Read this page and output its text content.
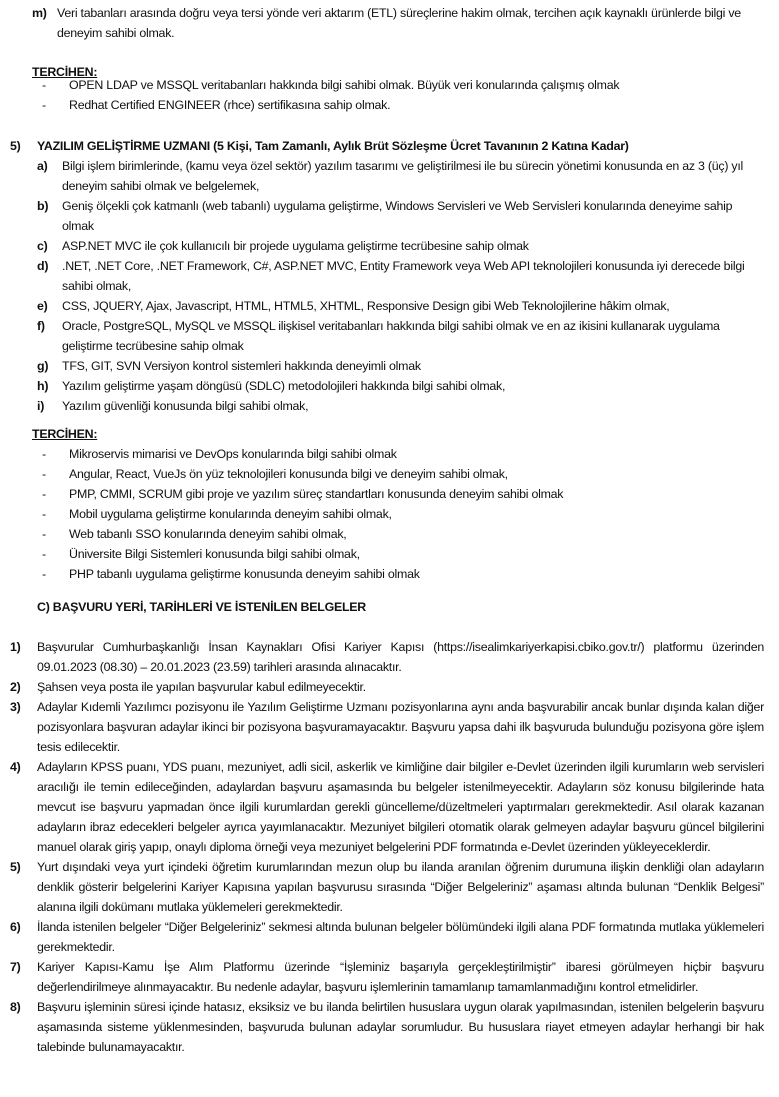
m) Veri tabanları arasında doğru veya tersi yönde veri aktarım (ETL) süreçlerine hakim olmak, tercihen açık kaynaklı ürünlerde bilgi ve deneyim sahibi olmak.
TERCİHEN:
-	OPEN LDAP ve MSSQL veritabanları hakkında bilgi sahibi olmak. Büyük veri konularında çalışmış olmak
-	Redhat Certified ENGINEER (rhce) sertifikasına sahip olmak.
5) YAZILIM GELİŞTİRME UZMANI (5 Kişi, Tam Zamanlı, Aylık Brüt Sözleşme Ücret Tavanının 2 Katına Kadar)
a)	Bilgi işlem birimlerinde, (kamu veya özel sektör) yazılım tasarımı ve geliştirilmesi ile bu sürecin yönetimi konusunda en az 3 (üç) yıl deneyim sahibi olmak ve belgelemek,
b)	Geniş ölçekli çok katmanlı (web tabanlı) uygulama geliştirme, Windows Servisleri ve Web Servisleri konularında deneyime sahip olmak
c)	ASP.NET MVC ile çok kullanıcılı bir projede uygulama geliştirme tecrübesine sahip olmak
d)	.NET, .NET Core, .NET Framework, C#, ASP.NET MVC, Entity Framework veya Web API teknolojileri konusunda iyi derecede bilgi sahibi olmak,
e)	CSS, JQUERY, Ajax, Javascript, HTML, HTML5, XHTML, Responsive Design gibi Web Teknolojilerine hâkim olmak,
f)	Oracle, PostgreSQL, MySQL ve MSSQL ilişkisel veritabanları hakkında bilgi sahibi olmak ve en az ikisini kullanarak uygulama geliştirme tecrübesine sahip olmak
g)	TFS, GIT, SVN Versiyon kontrol sistemleri hakkında deneyimli olmak
h)	Yazılım geliştirme yaşam döngüsü (SDLC) metodolojileri hakkında bilgi sahibi olmak,
i)	Yazılım güvenliği konusunda bilgi sahibi olmak,
TERCİHEN:
-	Mikroservis mimarisi ve DevOps konularında bilgi sahibi olmak
-	Angular, React, VueJs ön yüz teknolojileri konusunda bilgi ve deneyim sahibi olmak,
-	PMP, CMMI, SCRUM gibi proje ve yazılım süreç standartları konusunda deneyim sahibi olmak
-	Mobil uygulama geliştirme konularında deneyim sahibi olmak,
-	Web tabanlı SSO konularında deneyim sahibi olmak,
-	Üniversite Bilgi Sistemleri konusunda bilgi sahibi olmak,
-	PHP tabanlı uygulama geliştirme konusunda deneyim sahibi olmak
C) BAŞVURU YERİ, TARİHLERİ VE İSTENİLEN BELGELER
1)	Başvurular Cumhurbaşkanlığı İnsan Kaynakları Ofisi Kariyer Kapısı (https://isealimkariyerkapisi.cbiko.gov.tr/) platformu üzerinden 09.01.2023 (08.30) – 20.01.2023 (23.59) tarihleri arasında alınacaktır.
2)	Şahsen veya posta ile yapılan başvurular kabul edilmeyecektir.
3)	Adaylar Kıdemli Yazılımcı pozisyonu ile Yazılım Geliştirme Uzmanı pozisyonlarına aynı anda başvurabilir ancak bunlar dışında kalan diğer pozisyonlara başvuran adaylar ikinci bir pozisyona başvuramayacaktır. Başvuru yapsa dahi ilk başvuruda bulunduğu pozisyona göre işlem tesis edilecektir.
4)	Adayların KPSS puanı, YDS puanı, mezuniyet, adli sicil, askerlik ve kimliğine dair bilgiler e-Devlet üzerinden ilgili kurumların web servisleri aracılığı ile temin edileceğinden, adaylardan başvuru aşamasında bu belgeler istenilmeyecektir. Adayların söz konusu bilgilerinde hata mevcut ise başvuru yapmadan önce ilgili kurumlardan gerekli güncelleme/düzeltmeleri yaptırmaları gerekmektedir. Asıl olarak kazanan adayların ibraz edecekleri belgeler ayrıca yayımlanacaktır. Mezuniyet bilgileri otomatik olarak gelmeyen adaylar başvuru güncel bilgilerini manuel olarak giriş yapıp, onaylı diploma örneği veya mezuniyet belgelerini PDF formatında e-Devlet üzerinden yükleyeceklerdir.
5)	Yurt dışındaki veya yurt içindeki öğretim kurumlarından mezun olup bu ilanda aranılan öğrenim durumuna ilişkin denkliği olan adayların denklik gösterir belgelerini Kariyer Kapısına yapılan başvurusu sırasında “Diğer Belgeleriniz” aşaması altında bulunan “Denklik Belgesi” alanına ilgili dokümanı mutlaka yüklemeleri gerekmektedir.
6)	İlanda istenilen belgeler “Diğer Belgeleriniz” sekmesi altında bulunan belgeler bölümündeki ilgili alana PDF formatında mutlaka yüklemeleri gerekmektedir.
7)	Kariyer Kapısı-Kamu İşe Alım Platformu üzerinde “İşleminiz başarıyla gerçekleştirilmiştir” ibaresi görülmeyen hiçbir başvuru değerlendirilmeye alınmayacaktır. Bu nedenle adaylar, başvuru işlemlerinin tamamlanıp tamamlanmadığını kontrol etmelidirler.
8)	Başvuru işleminin süresi içinde hatasız, eksiksiz ve bu ilanda belirtilen hususlara uygun olarak yapılmasından, istenilen belgelerin başvuru aşamasında sisteme yüklenmesinden, başvuruda bulunan adaylar sorumludur. Bu hususlara riayet etmeyen adaylar herhangi bir hak talebinde bulunamayacaktır.
